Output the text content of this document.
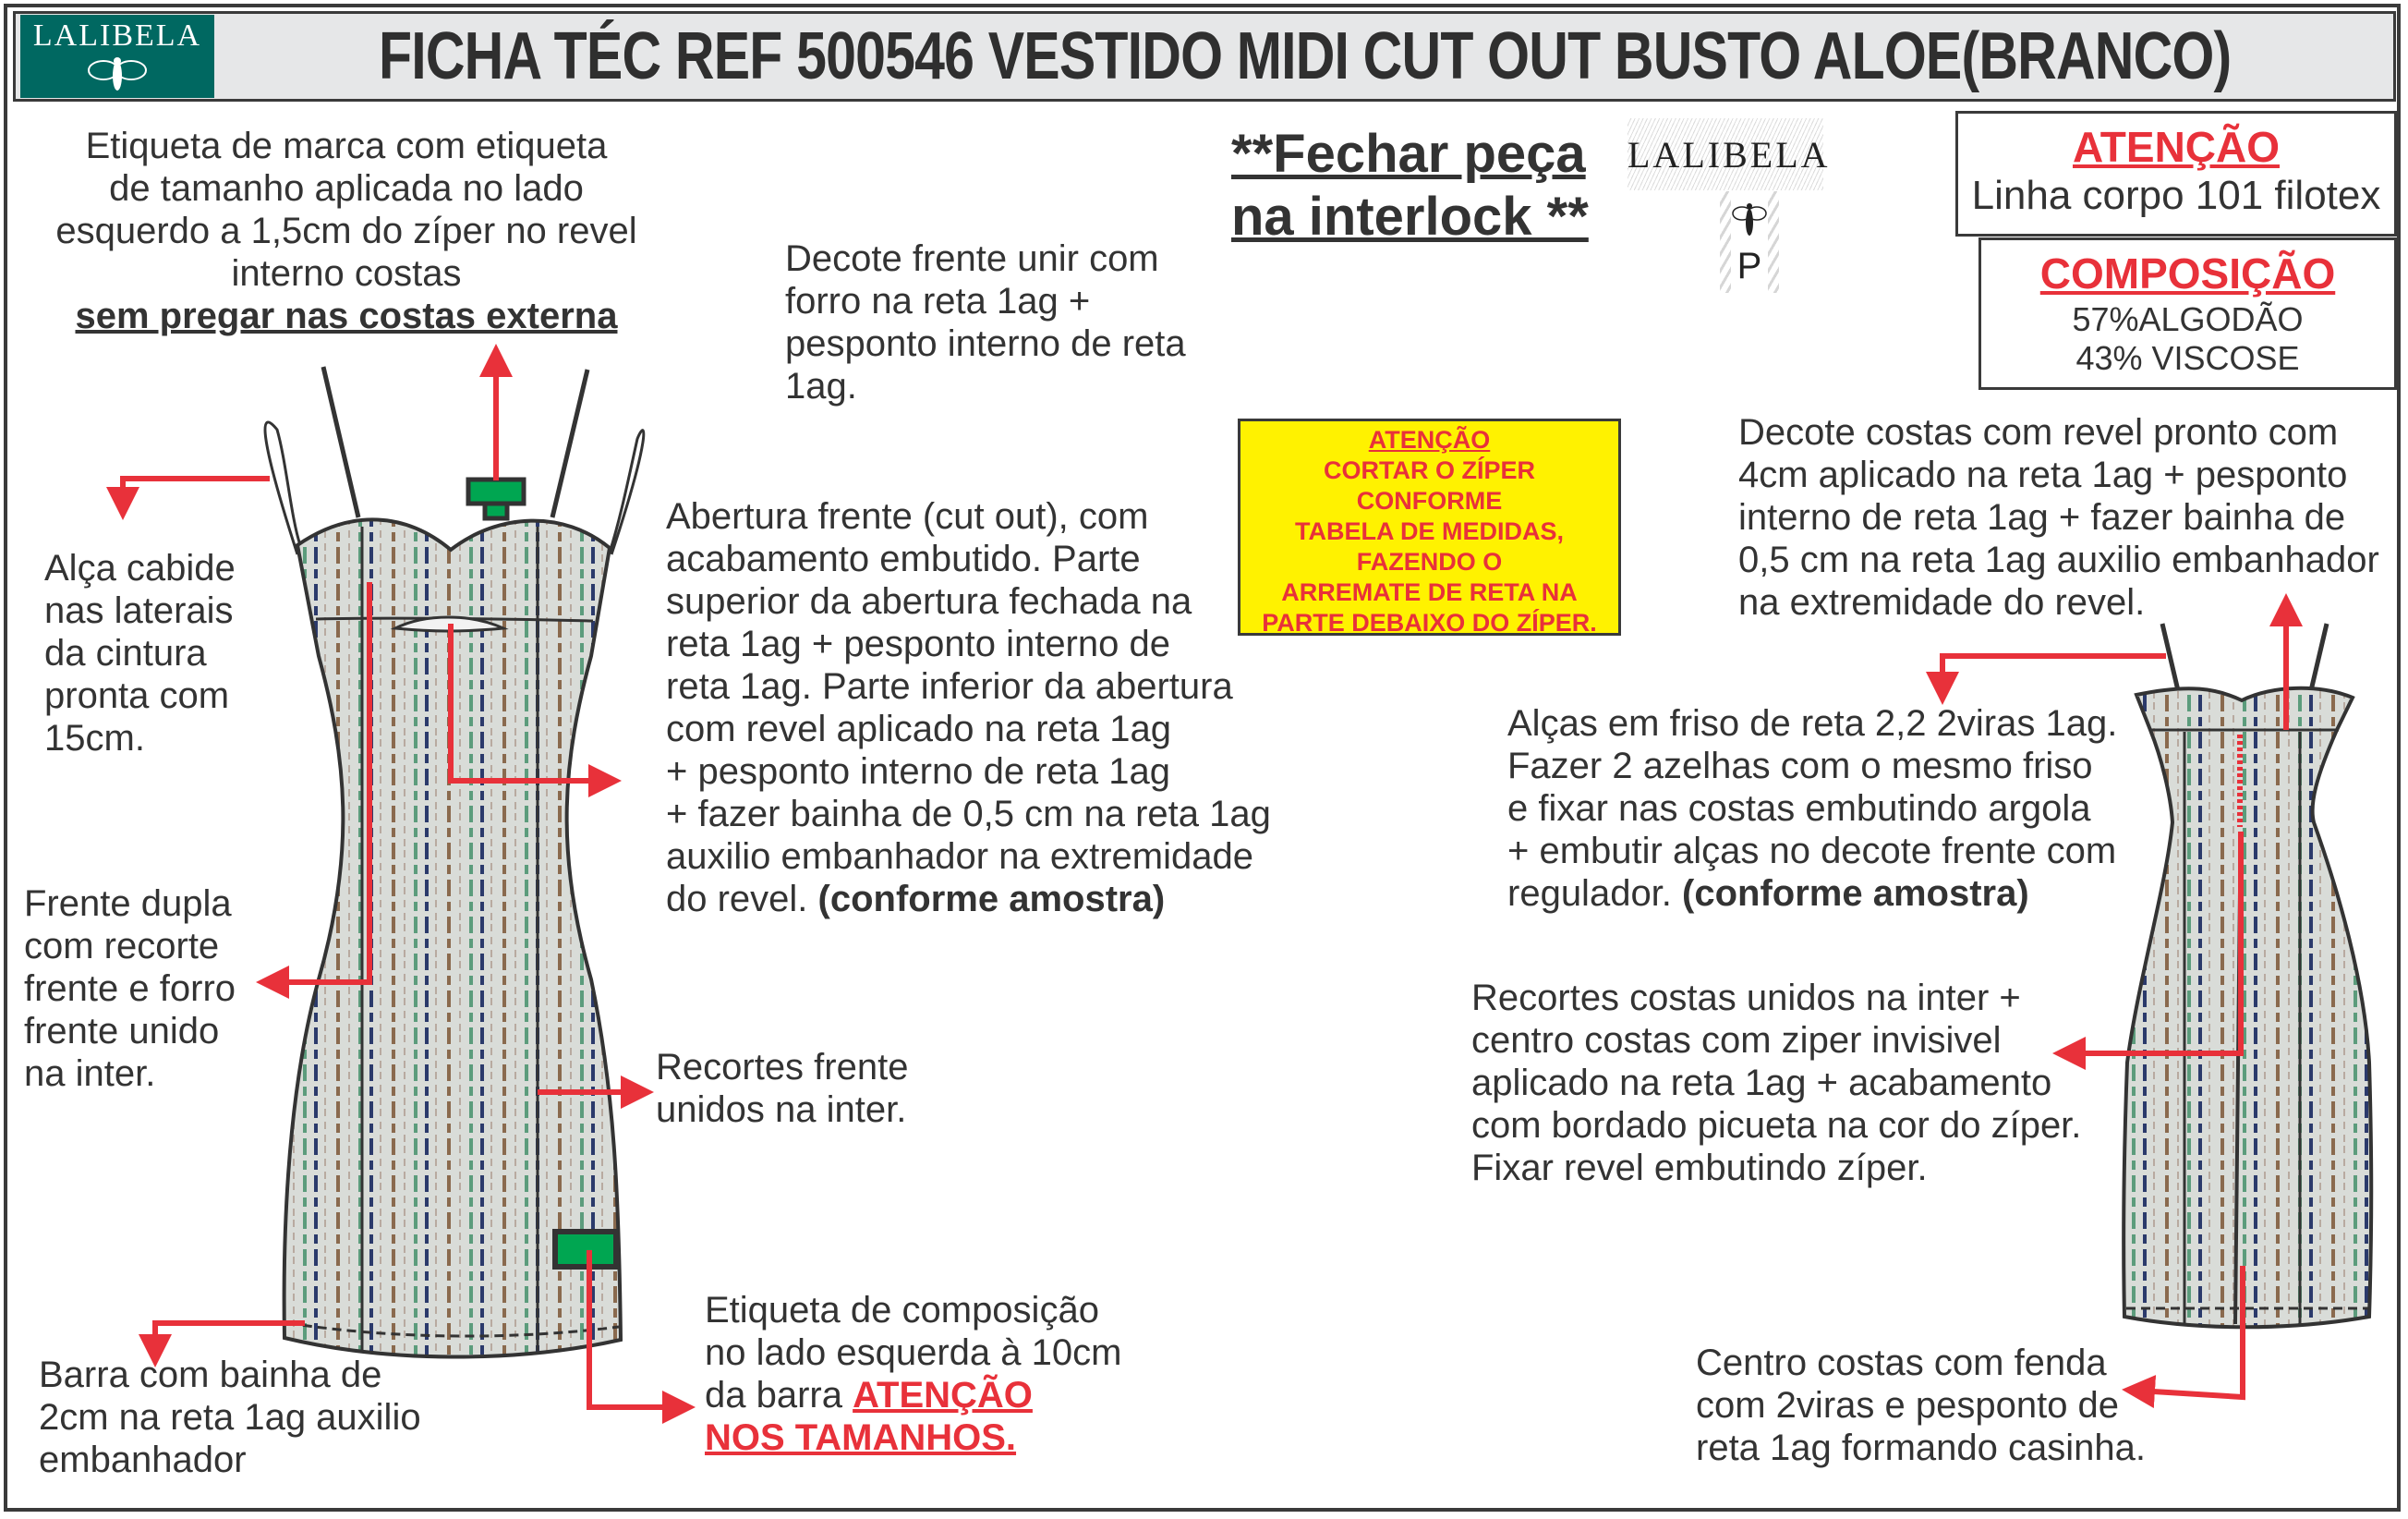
LALIBELA	FICHA TÉC REF 500546 VESTIDO MIDI CUT OUT BUSTO ALOE(BRANCO)
**Fechar peça
na interlock **
LALIBELA
P
ATENÇÃO
Linha corpo 101 filotex
COMPOSIÇÃO
57%ALGODÃO
43% VISCOSE
ATENÇÃO
CORTAR O ZÍPER
CONFORME
TABELA DE MEDIDAS,
FAZENDO O
ARREMATE DE RETA NA
PARTE DEBAIXO DO ZÍPER.
Etiqueta de marca com etiqueta
de tamanho aplicada no lado
esquerdo a 1,5cm do zíper no revel
interno costas
sem pregar nas costas externa
Alça cabide
nas laterais
da cintura
pronta com
15cm.
Frente dupla
com recorte
frente e forro
frente unido
na inter.
Barra com bainha de
2cm na reta 1ag auxilio
embanhador
Decote frente unir com
forro na reta 1ag +
pesponto interno de reta
1ag.
Abertura frente (cut out), com
acabamento embutido. Parte
superior da abertura fechada na
reta 1ag + pesponto interno de
reta 1ag. Parte inferior da abertura
com revel aplicado na reta 1ag
+ pesponto interno de reta 1ag
+ fazer bainha de 0,5 cm na reta 1ag
auxilio embanhador na extremidade
do revel. (conforme amostra)
Recortes frente
unidos na inter.
Etiqueta de composição
no lado esquerda à 10cm
da barra ATENÇÃO
NOS TAMANHOS.
Decote costas com revel pronto com
4cm aplicado na reta 1ag + pesponto
interno de reta 1ag + fazer bainha de
0,5 cm na reta 1ag auxilio embanhador
na extremidade do revel.
Alças em friso de reta 2,2 2viras 1ag.
Fazer 2 azelhas com o mesmo friso
e fixar nas costas embutindo argola
+ embutir alças no decote frente com
regulador. (conforme amostra)
Recortes costas unidos na inter +
centro costas com ziper invisivel
aplicado na reta 1ag + acabamento
com bordado picueta na cor do zíper.
Fixar revel embutindo zíper.
Centro costas com fenda
com 2viras e pesponto de
reta 1ag formando casinha.
